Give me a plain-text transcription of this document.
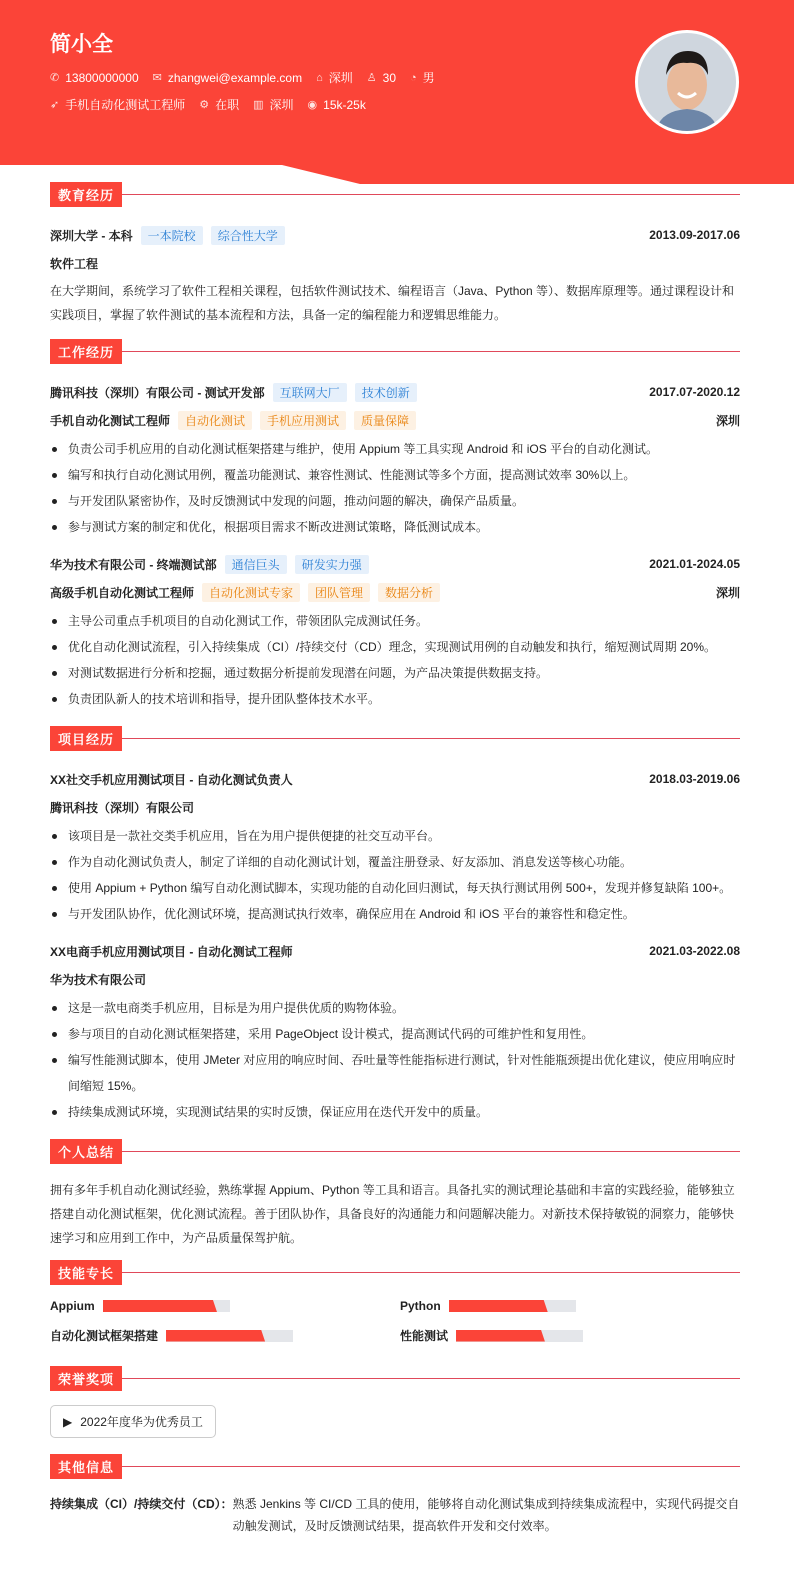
简小全
✆ 13800000000 ✉ zhangwei@example.com ⌂ 深圳 ♙ 30 ◔ 男
➶ 手机自动化测试工程师 ⚙ 在职 ▥ 深圳 ◉ 15k-25k
教育经历
深圳大学 - 本科	一本院校	综合性大学	2013.09-2017.06
软件工程

在大学期间，系统学习了软件工程相关课程，包括软件测试技术、编程语言（Java、Python 等）、数据库原理等。通过课程设计和实践项目，掌握了软件测试的基本流程和方法，具备一定的编程能力和逻辑思维能力。

工作经历
腾讯科技（深圳）有限公司 - 测试开发部	互联网大厂	技术创新	2017.07-2020.12
手机自动化测试工程师	自动化测试	手机应用测试	质量保障	深圳
负责公司手机应用的自动化测试框架搭建与维护，使用 Appium 等工具实现 Android 和 iOS 平台的自动化测试。
编写和执行自动化测试用例，覆盖功能测试、兼容性测试、性能测试等多个方面，提高测试效率 30%以上。
与开发团队紧密协作，及时反馈测试中发现的问题，推动问题的解决，确保产品质量。
参与测试方案的制定和优化，根据项目需求不断改进测试策略，降低测试成本。
华为技术有限公司 - 终端测试部	通信巨头	研发实力强	2021.01-2024.05
高级手机自动化测试工程师	自动化测试专家	团队管理	数据分析	深圳
主导公司重点手机项目的自动化测试工作，带领团队完成测试任务。
优化自动化测试流程，引入持续集成（CI）/持续交付（CD）理念，实现测试用例的自动触发和执行，缩短测试周期 20%。
对测试数据进行分析和挖掘，通过数据分析提前发现潜在问题，为产品决策提供数据支持。
负责团队新人的技术培训和指导，提升团队整体技术水平。
项目经历
XX社交手机应用测试项目 - 自动化测试负责人	2018.03-2019.06
腾讯科技（深圳）有限公司
该项目是一款社交类手机应用，旨在为用户提供便捷的社交互动平台。
作为自动化测试负责人，制定了详细的自动化测试计划，覆盖注册登录、好友添加、消息发送等核心功能。
使用 Appium + Python 编写自动化测试脚本，实现功能的自动化回归测试，每天执行测试用例 500+，发现并修复缺陷 100+。
与开发团队协作，优化测试环境，提高测试执行效率，确保应用在 Android 和 iOS 平台的兼容性和稳定性。
XX电商手机应用测试项目 - 自动化测试工程师	2021.03-2022.08
华为技术有限公司
这是一款电商类手机应用，目标是为用户提供优质的购物体验。
参与项目的自动化测试框架搭建，采用 PageObject 设计模式，提高测试代码的可维护性和复用性。
编写性能测试脚本，使用 JMeter 对应用的响应时间、吞吐量等性能指标进行测试，针对性能瓶颈提出优化建议，使应用响应时间缩短 15%。
持续集成测试环境，实现测试结果的实时反馈，保证应用在迭代开发中的质量。
个人总结

拥有多年手机自动化测试经验，熟练掌握 Appium、Python 等工具和语言。具备扎实的测试理论基础和丰富的实践经验，能够独立搭建自动化测试框架，优化测试流程。善于团队协作，具备良好的沟通能力和问题解决能力。对新技术保持敏锐的洞察力，能够快速学习和应用到工作中，为产品质量保驾护航。

技能专长
Appium	Python
自动化测试框架搭建	性能测试
荣誉奖项
▶ 2022年度华为优秀员工
其他信息
持续集成（CI）/持续交付（CD）： 熟悉 Jenkins 等 CI/CD 工具的使用，能够将自动化测试集成到持续集成流程中，实现代码提交自动触发测试，及时反馈测试结果，提高软件开发和交付效率。
